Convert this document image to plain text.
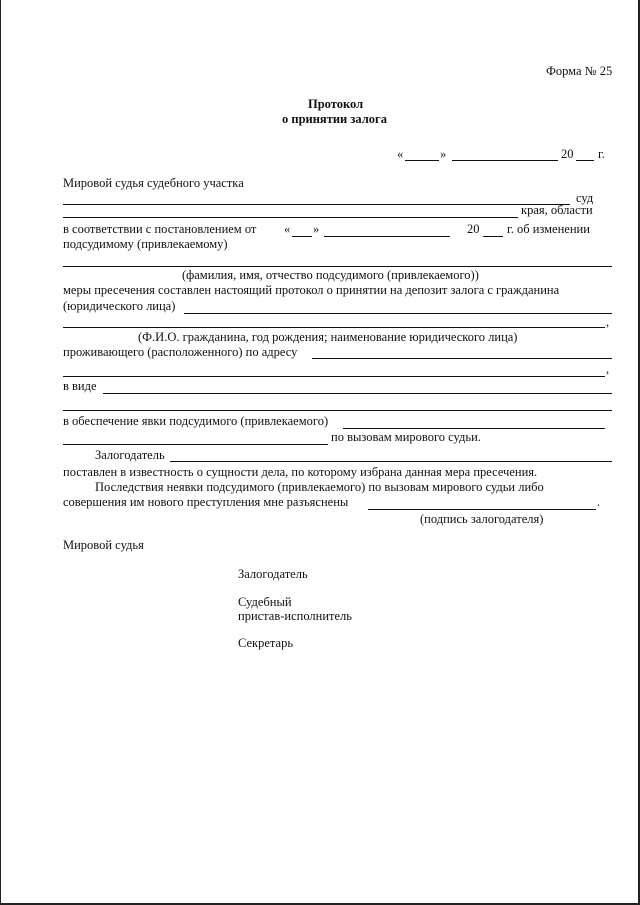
Форма № 25
Протокол
о принятии залога
«	»	20 г.
Мировой судья судебного участка
суд
края, области
в соответствии с постановлением от « »	20 г. об изменении
подсудимому (привлекаемому)
(фамилия, имя, отчество подсудимого (привлекаемого))
меры пресечения составлен настоящий протокол о принятии на депозит залога с гражданина
(юридического лица)
,
(Ф.И.О. гражданина, год рождения; наименование юридического лица)
проживающего (расположенного) по адресу
,
в виде
в обеспечение явки подсудимого (привлекаемого)
по вызовам мирового судьи.
Залогодатель
поставлен в известность о сущности дела, по которому избрана данная мера пресечения.
Последствия неявки подсудимого (привлекаемого) по вызовам мирового судьи либо
совершения им нового преступления мне разъяснены	.
(подпись залогодателя)
Мировой судья
Залогодатель
Судебный
пристав-исполнитель
Секретарь
